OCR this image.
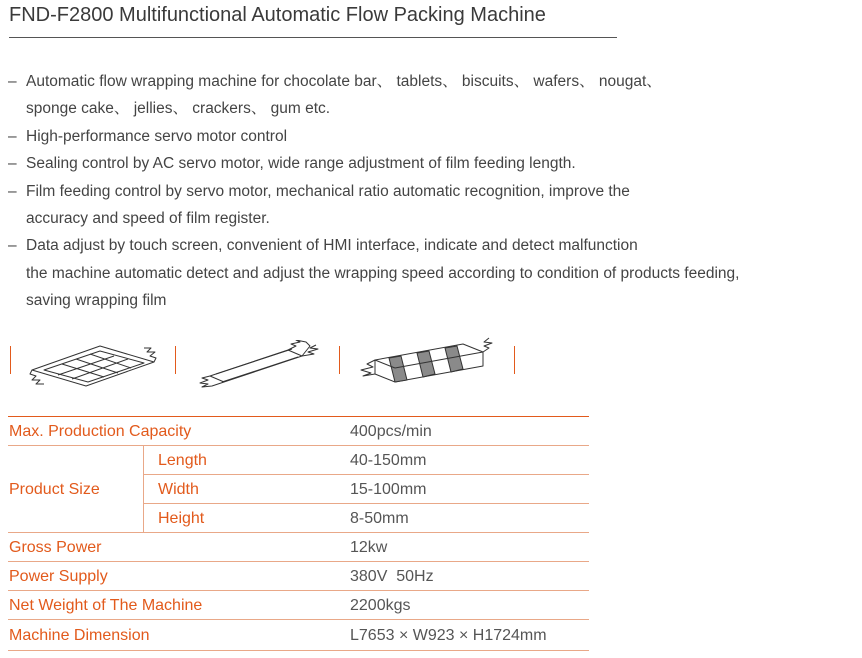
FND-F2800 Multifunctional Automatic Flow Packing Machine
– Automatic flow wrapping machine for chocolate bar、 tablets、 biscuits、 wafers、 nougat、
sponge cake、 jellies、 crackers、 gum etc.
– High-performance servo motor control
– Sealing control by AC servo motor, wide range adjustment of film feeding length.
– Film feeding control by servo motor, mechanical ratio automatic recognition, improve the
accuracy and speed of film register.
– Data adjust by touch screen, convenient of HMI interface, indicate and detect malfunction
the machine automatic detect and adjust the wrapping speed according to condition of products feeding,
saving wrapping film
Max. Production Capacity	400pcs/min
Product Size
Length	40-150mm
Width	15-100mm
Height	8-50mm
Gross Power	12kw
Power Supply	380V  50Hz
Net Weight of The Machine	2200kgs
Machine Dimension	L7653 × W923 × H1724mm
